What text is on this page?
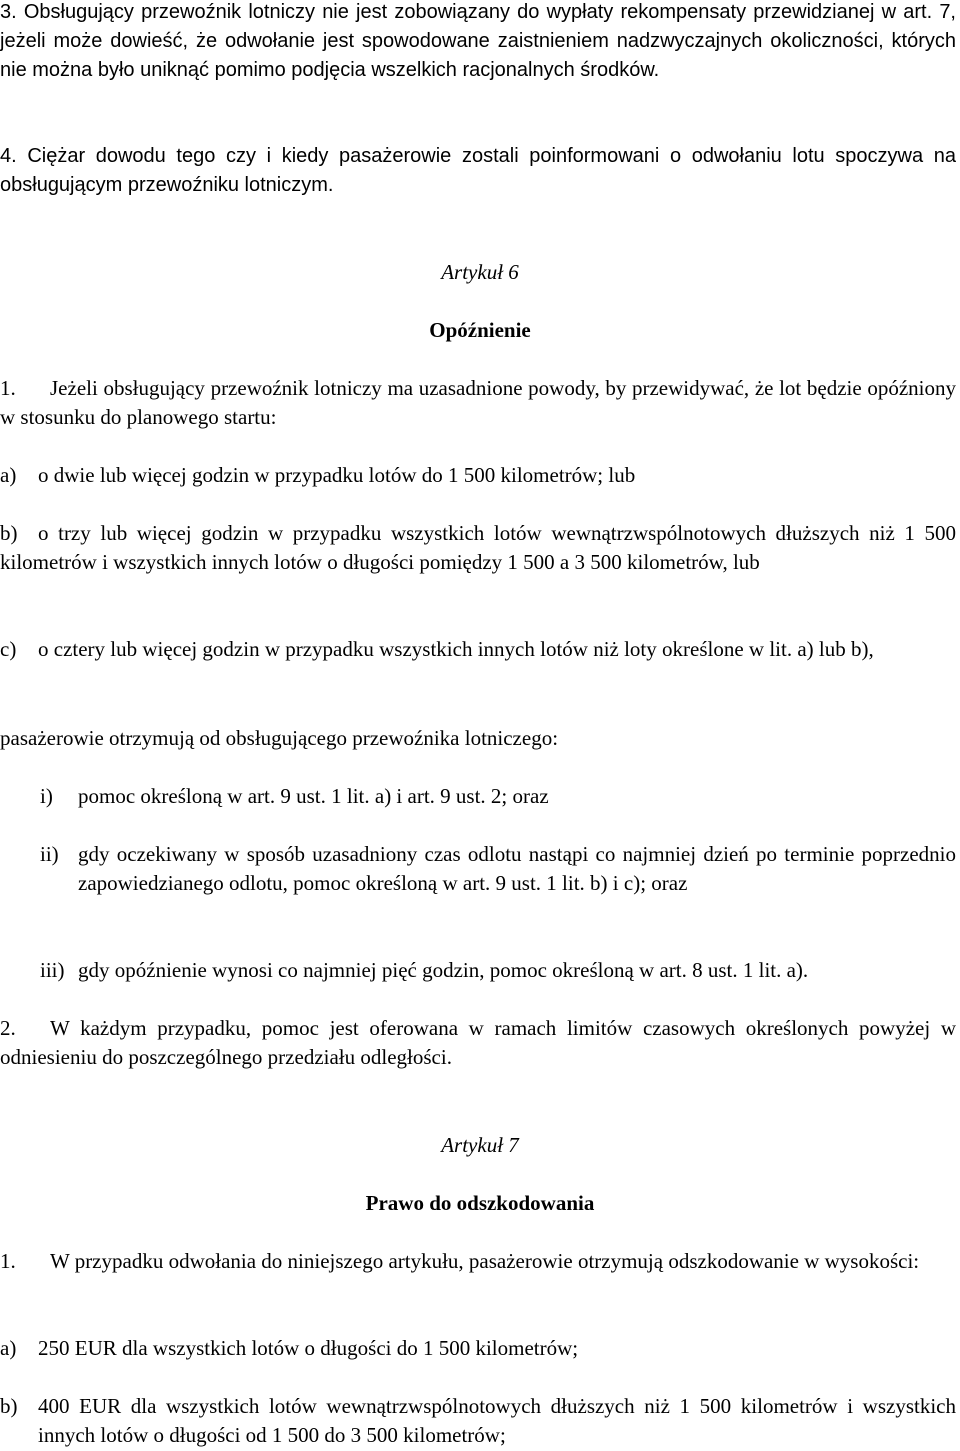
3. Obsługujący przewoźnik lotniczy nie jest zobowiązany do wypłaty rekompensaty przewidzianej w art. 7, jeżeli może dowieść, że odwołanie jest spowodowane zaistnieniem nadzwyczajnych okoliczności, których nie można było uniknąć pomimo podjęcia wszelkich racjonalnych środków.

4. Ciężar dowodu tego czy i kiedy pasażerowie zostali poinformowani o odwołaniu lotu spoczywa na obsługującym przewoźniku lotniczym.

Artykuł 6

Opóźnienie

1.	Jeżeli obsługujący przewoźnik lotniczy ma uzasadnione powody, by przewidywać, że lot będzie opóźniony w stosunku do planowego startu:
a)	o dwie lub więcej godzin w przypadku lotów do 1 500 kilometrów; lub
b) o trzy lub więcej godzin w przypadku wszystkich lotów wewnątrzwspólnotowych dłuższych niż 1 500 kilometrów i wszystkich innych lotów o długości pomiędzy 1 500 a 3 500 kilometrów, lub
c)	o cztery lub więcej godzin w przypadku wszystkich innych lotów niż loty określone w lit. a) lub b),

pasażerowie otrzymują od obsługującego przewoźnika lotniczego:

i)	pomoc określoną w art. 9 ust. 1 lit. a) i art. 9 ust. 2; oraz
ii) gdy oczekiwany w sposób uzasadniony czas odlotu nastąpi co najmniej dzień po terminie poprzednio zapowiedzianego odlotu, pomoc określoną w art. 9 ust. 1 lit. b) i c); oraz
iii) gdy opóźnienie wynosi co najmniej pięć godzin, pomoc określoną w art. 8 ust. 1 lit. a).
2.	W każdym przypadku, pomoc jest oferowana w ramach limitów czasowych określonych powyżej w odniesieniu do poszczególnego przedziału odległości.

Artykuł 7

Prawo do odszkodowania

1.	W przypadku odwołania do niniejszego artykułu, pasażerowie otrzymują odszkodowanie w wysokości:
a)	250 EUR dla wszystkich lotów o długości do 1 500 kilometrów;
b) 400 EUR dla wszystkich lotów wewnątrzwspólnotowych dłuższych niż 1 500 kilometrów i wszystkich innych lotów o długości od 1 500 do 3 500 kilometrów;
